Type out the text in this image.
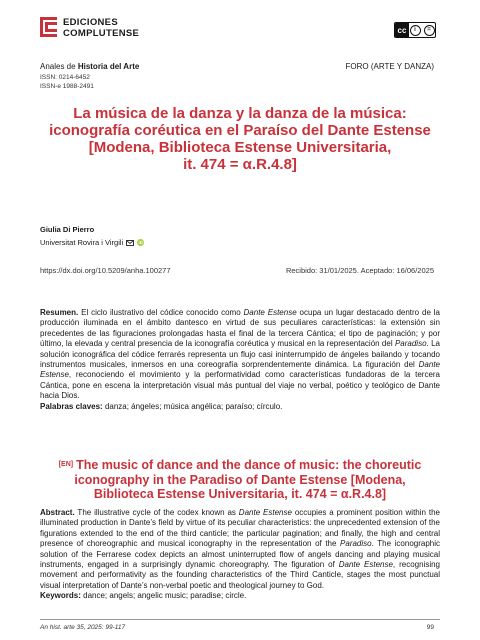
EDICIONES
COMPLUTENSE	cc	i	=
Anales de Historia del Arte
ISSN: 0214-6452
ISSN-e 1988-2491
FORO (ARTE Y DANZA)
La música de la danza y la danza de la música:
iconografía coréutica en el Paraíso del Dante Estense
[Modena, Biblioteca Estense Universitaria,
it. 474 = α.R.4.8]
Giulia Di Pierro
Universitat Rovira i Virgili	iD
https://dx.doi.org/10.5209/anha.100277	Recibido: 31/01/2025. Aceptado: 16/06/2025
Resumen. El ciclo ilustrativo del códice conocido como Dante Estense ocupa un lugar destacado dentro de la producción iluminada en el ámbito dantesco en virtud de sus peculiares características: la extensión sin precedentes de las figuraciones prolongadas hasta el final de la tercera Cántica; el tipo de paginación; y por último, la elevada y central presencia de la iconografía coréutica y musical en la representación del Paradiso. La solución iconográfica del códice ferrarés representa un flujo casi ininterrumpido de ángeles bailando y tocando instrumentos musicales, inmersos en una coreografía sorprendentemente dinámica. La figuración del Dante Estense, reconociendo el movimiento y la performatividad como características fundadoras de la tercera Cántica, pone en escena la interpretación visual más puntual del viaje no verbal, poético y teológico de Dante hacia Dios.
Palabras claves: danza; ángeles; música angélica; paraíso; círculo.
[EN] The music of dance and the dance of music: the choreutic
iconography in the Paradiso of Dante Estense [Modena,
Biblioteca Estense Universitaria, it. 474 = α.R.4.8]
Abstract. The illustrative cycle of the codex known as Dante Estense occupies a prominent position within the illuminated production in Dante’s field by virtue of its peculiar characteristics: the unprecedented extension of the figurations extended to the end of the third canticle; the particular pagination; and finally, the high and central presence of choreographic and musical iconography in the representation of the Paradiso. The iconographic solution of the Ferrarese codex depicts an almost uninterrupted flow of angels dancing and playing musical instruments, engaged in a surprisingly dynamic choreography. The figuration of Dante Estense, recognising movement and performativity as the founding characteristics of the Third Canticle, stages the most punctual visual interpretation of Dante’s non-verbal poetic and theological journey to God.
Keywords: dance; angels; angelic music; paradise; circle.
An hist. arte 35, 2025: 99-117	99
